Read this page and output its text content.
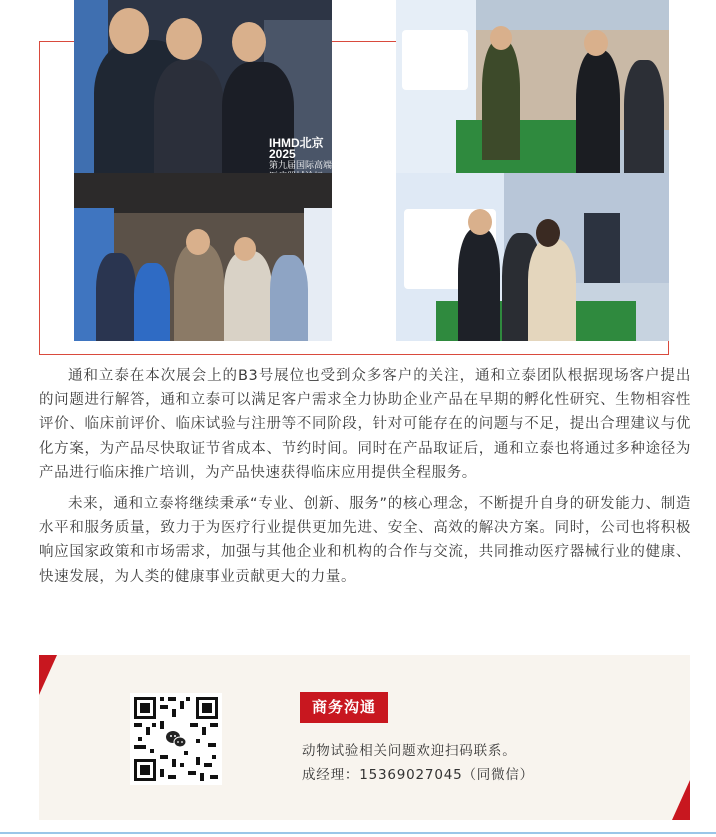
IHMD北京2025
第九届国际高端

通和立泰在本次展会上的B3号展位也受到众多客户的关注，通和立泰团队根据现场客户提出的问题进行解答，通和立泰可以满足客户需求全力协助企业产品在早期的孵化性研究、生物相容性评价、临床前评价、临床试验与注册等不同阶段，针对可能存在的问题与不足，提出合理建议与优化方案，为产品尽快取证节省成本、节约时间。同时在产品取证后，通和立泰也将通过多种途径为产品进行临床推广培训，为产品快速获得临床应用提供全程服务。

未来，通和立泰将继续秉承“专业、创新、服务”的核心理念，不断提升自身的研发能力、制造水平和服务质量，致力于为医疗行业提供更加先进、安全、高效的解决方案。同时，公司也将积极响应国家政策和市场需求，加强与其他企业和机构的合作与交流，共同推动医疗器械行业的健康、快速发展，为人类的健康事业贡献更大的力量。

商务沟通
动物试验相关问题欢迎扫码联系。
成经理：15369027045（同微信）
